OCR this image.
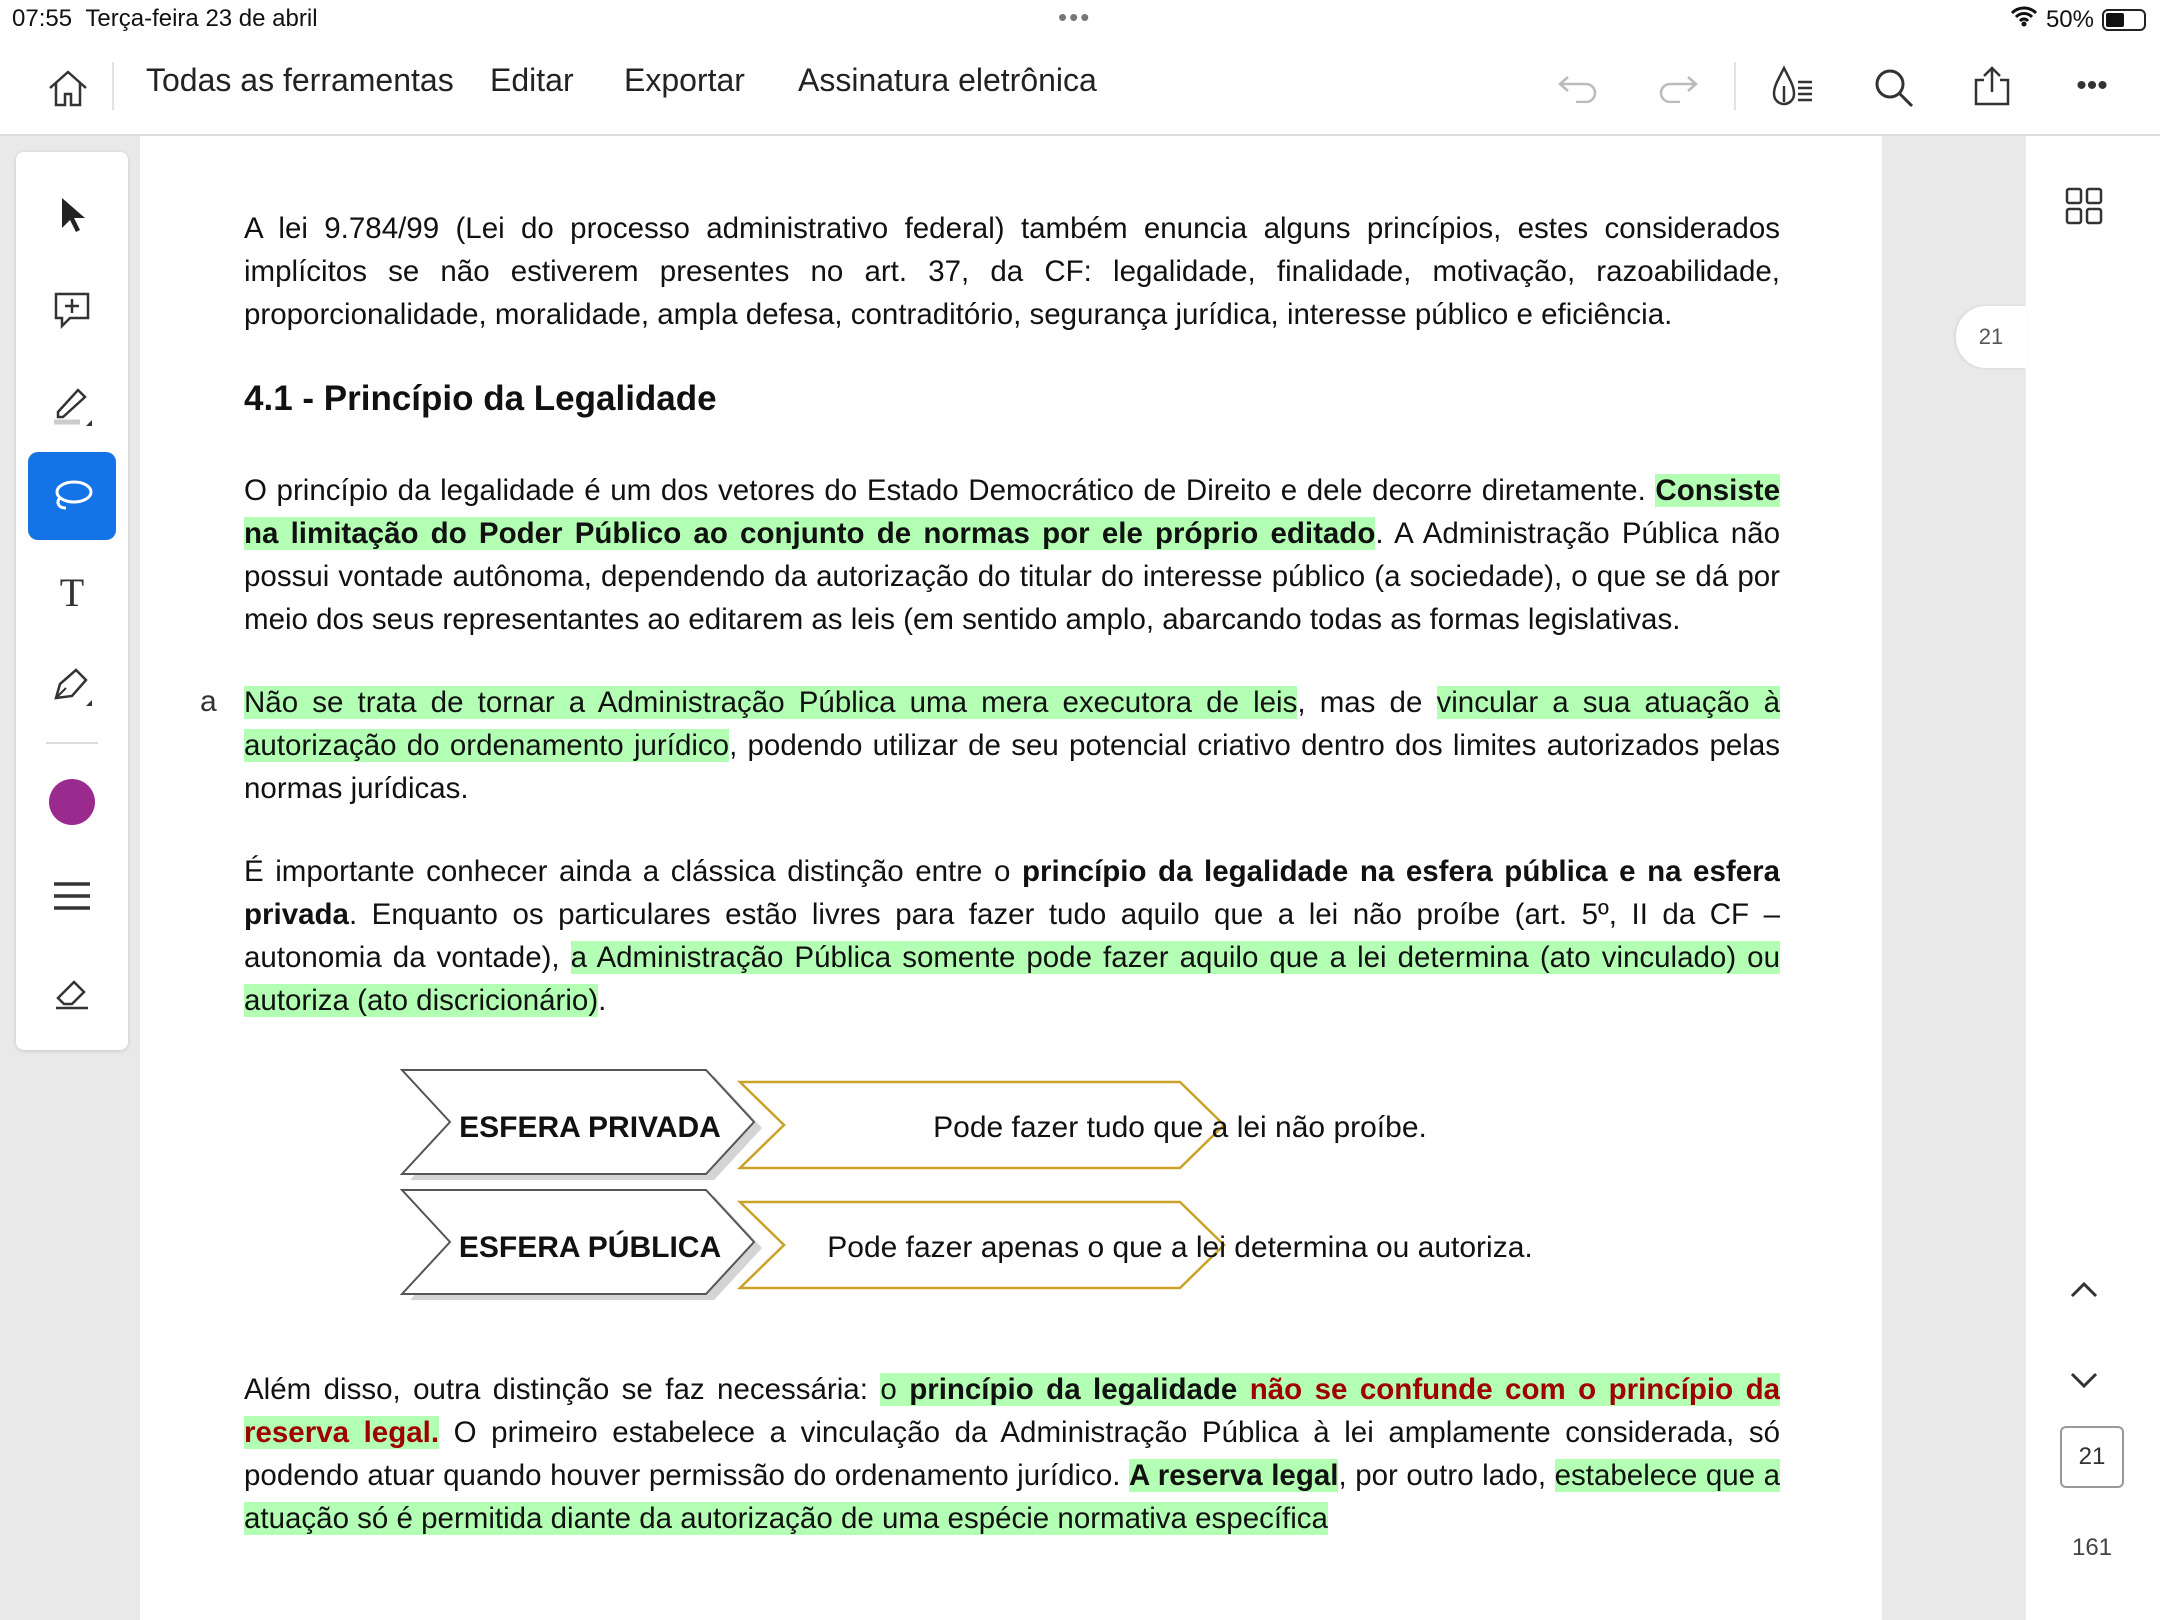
07:55 Terça-feira 23 de abril	•••	50%
Todas as ferramentas Editar Exportar Assinatura eletrônica	•••
T
A lei 9.784/99 (Lei do processo administrativo federal) também enuncia alguns princípios, estes considerados implícitos se não estiverem presentes no art. 37, da CF: legalidade, finalidade, motivação, razoabilidade, proporcionalidade, moralidade, ampla defesa, contraditório, segurança jurídica, interesse público e eficiência.
4.1 - Princípio da Legalidade
O princípio da legalidade é um dos vetores do Estado Democrático de Direito e dele decorre diretamente. Consiste na limitação do Poder Público ao conjunto de normas por ele próprio editado. A Administração Pública não possui vontade autônoma, dependendo da autorização do titular do interesse público (a sociedade), o que se dá por meio dos seus representantes ao editarem as leis (em sentido amplo, abarcando todas as formas legislativas.
Não se trata de tornar a Administração Pública uma mera executora de leis, mas de vincular a sua atuação à autorização do ordenamento jurídico, podendo utilizar de seu potencial criativo dentro dos limites autorizados pelas normas jurídicas.
É importante conhecer ainda a clássica distinção entre o princípio da legalidade na esfera pública e na esfera privada. Enquanto os particulares estão livres para fazer tudo aquilo que a lei não proíbe (art. 5º, II da CF – autonomia da vontade), a Administração Pública somente pode fazer aquilo que a lei determina (ato vinculado) ou autoriza (ato discricionário).
ESFERA PRIVADA	Pode fazer tudo que a lei não proíbe.
ESFERA PÚBLICA	Pode fazer apenas o que a lei determina ou autoriza.
Além disso, outra distinção se faz necessária: o princípio da legalidade não se confunde com o princípio da reserva legal. O primeiro estabelece a vinculação da Administração Pública à lei amplamente considerada, só podendo atuar quando houver permissão do ordenamento jurídico. A reserva legal, por outro lado, estabelece que a atuação só é permitida diante da autorização de uma espécie normativa específica
a
21
161
21
